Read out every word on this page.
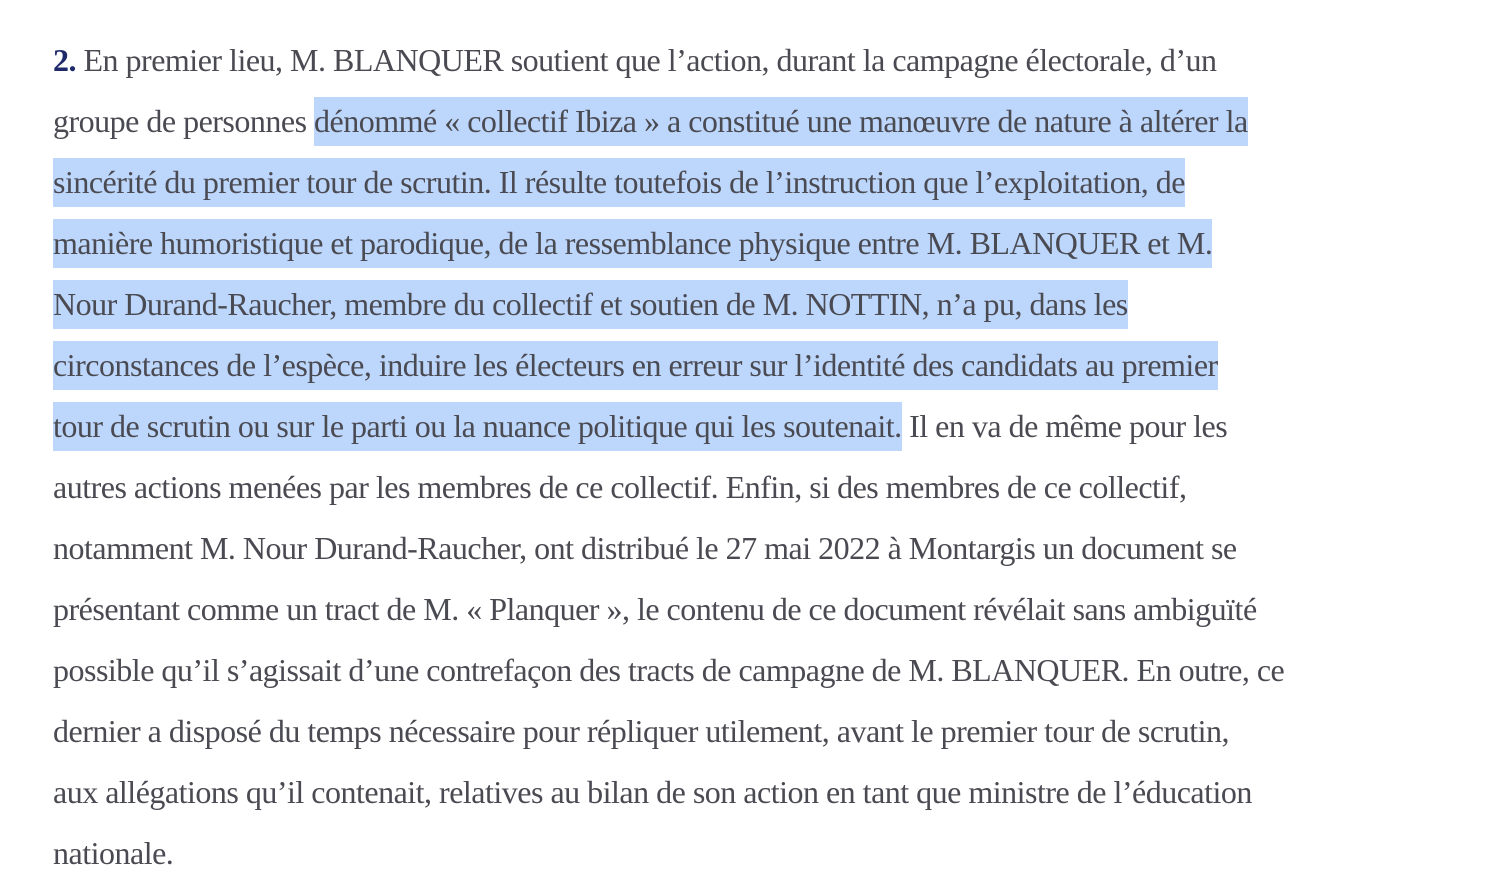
2. En premier lieu, M. BLANQUER soutient que l’action, durant la campagne électorale, d’un
groupe de personnes dénommé « collectif Ibiza » a constitué une manœuvre de nature à altérer la
sincérité du premier tour de scrutin. Il résulte toutefois de l’instruction que l’exploitation, de
manière humoristique et parodique, de la ressemblance physique entre M. BLANQUER et M.
Nour Durand-Raucher, membre du collectif et soutien de M. NOTTIN, n’a pu, dans les
circonstances de l’espèce, induire les électeurs en erreur sur l’identité des candidats au premier
tour de scrutin ou sur le parti ou la nuance politique qui les soutenait. Il en va de même pour les
autres actions menées par les membres de ce collectif. Enfin, si des membres de ce collectif,
notamment M. Nour Durand-Raucher, ont distribué le 27 mai 2022 à Montargis un document se
présentant comme un tract de M. « Planquer », le contenu de ce document révélait sans ambiguïté
possible qu’il s’agissait d’une contrefaçon des tracts de campagne de M. BLANQUER. En outre, ce
dernier a disposé du temps nécessaire pour répliquer utilement, avant le premier tour de scrutin,
aux allégations qu’il contenait, relatives au bilan de son action en tant que ministre de l’éducation
nationale.
